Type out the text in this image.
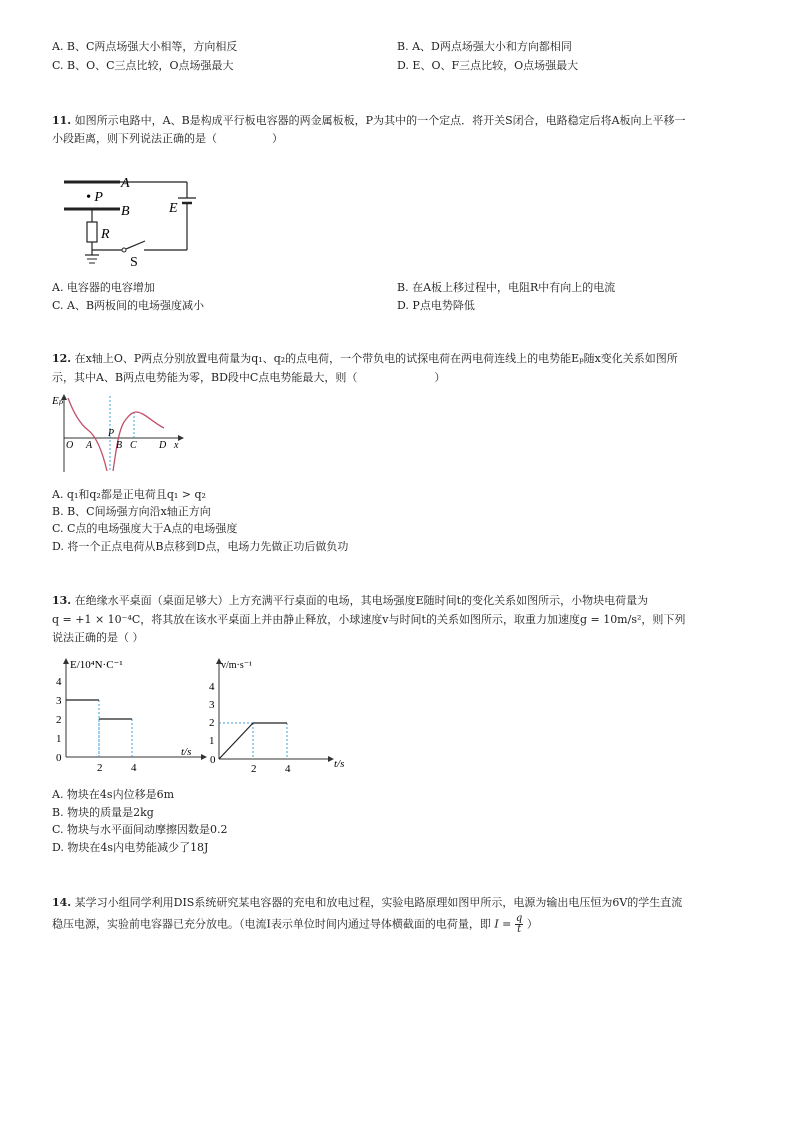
A. B、C两点场强大小相等，方向相反	B. A、D两点场强大小和方向都相同
C. B、O、C三点比较，O点场强最大	D. E、O、F三点比较，O点场强最大
11. 如图所示电路中，A、B是构成平行板电容器的两金属板板，P为其中的一个定点．将开关S闭合，电路稳定后将A板向上平移一
小段距离，则下列说法正确的是（　　　　　）
A
• P
B
R
S
E
A. 电容器的电容增加	B. 在A板上移过程中，电阻R中有向上的电流
C. A、B两板间的电场强度减小	D. P点电势降低
12. 在x轴上O、P两点分别放置电荷量为q₁、q₂的点电荷，一个带负电的试探电荷在两电荷连线上的电势能Eₚ随x变化关系如图所
示，其中A、B两点电势能为零，BD段中C点电势能最大，则（　　　　　　　）
Eₚ
O A
P
B C D x
A. q₁和q₂都是正电荷且q₁ > q₂
B. B、C间场强方向沿x轴正方向
C. C点的电场强度大于A点的电场强度
D. 将一个正点电荷从B点移到D点，电场力先做正功后做负功
13. 在绝缘水平桌面（桌面足够大）上方充满平行桌面的电场，其电场强度E随时间t的变化关系如图所示，小物块电荷量为
q = +1 × 10⁻⁴C，将其放在该水平桌面上并由静止释放，小球速度v与时间t的关系如图所示，取重力加速度g = 10m/s²，则下列
说法正确的是（ ）
E/10⁴N·C⁻¹
t/s
4
3
2
1
0
2	4
v/m·s⁻¹
t/s
4
3
2
1
0
2	4
A. 物块在4s内位移是6m
B. 物块的质量是2kg
C. 物块与水平面间动摩擦因数是0.2
D. 物块在4s内电势能减少了18J
14. 某学习小组同学利用DIS系统研究某电容器的充电和放电过程，实验电路原理如图甲所示，电源为输出电压恒为6V的学生直流
稳压电源，实验前电容器已充分放电。（电流I表示单位时间内通过导体横截面的电荷量，即 $I = \frac{q}{t}$ ）
